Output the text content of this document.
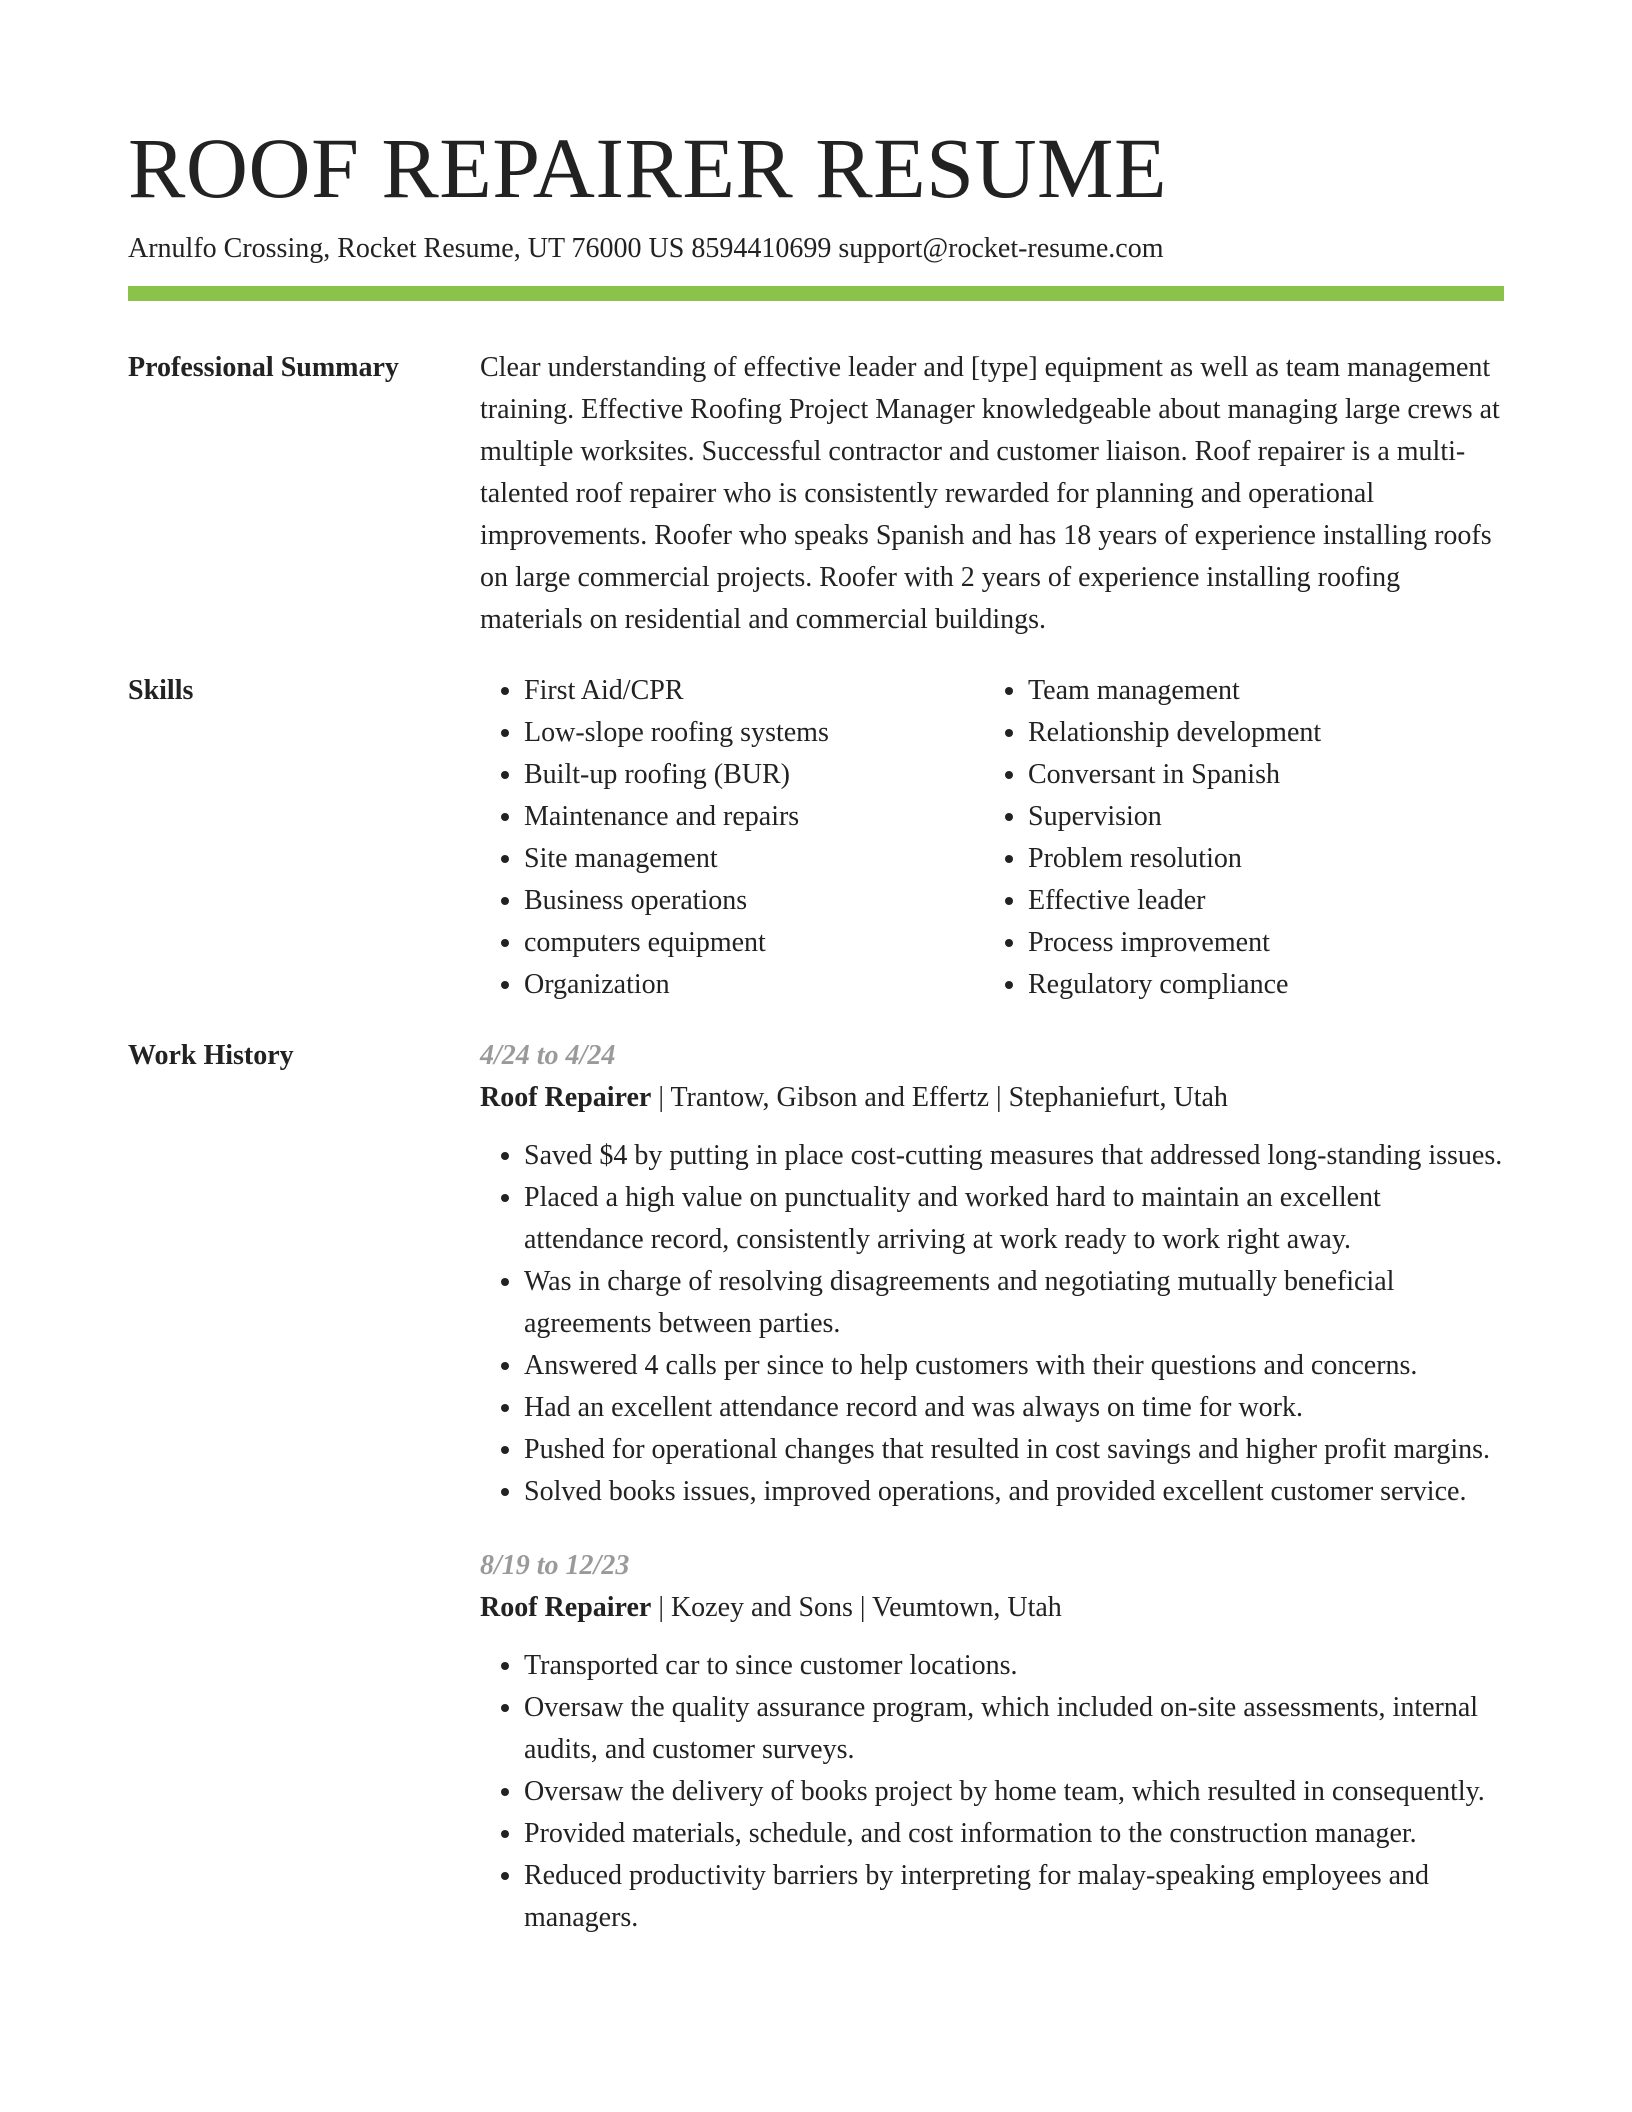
ROOF REPAIRER RESUME
Arnulfo Crossing, Rocket Resume, UT 76000 US 8594410699 support@rocket-resume.com
Professional Summary	Clear understanding of effective leader and [type] equipment as well as team management training. Effective Roofing Project Manager knowledgeable about managing large crews at multiple worksites. Successful contractor and customer liaison. Roof repairer is a multi-talented roof repairer who is consistently rewarded for planning and operational improvements. Roofer who speaks Spanish and has 18 years of experience installing roofs on large commercial projects. Roofer with 2 years of experience installing roofing materials on residential and commercial buildings.

Skills
•	First Aid/CPR
• Low-slope roofing systems
• Built-up roofing (BUR)
• Maintenance and repairs
• Site management
• Business operations
• computers equipment
• Organization
• Team management
• Relationship development
• Conversant in Spanish
• Supervision
• Problem resolution
• Effective leader
• Process improvement
• Regulatory compliance
Work History	4/24 to 4/24
Roof Repairer | Trantow, Gibson and Effertz | Stephaniefurt, Utah
• Saved $4 by putting in place cost-cutting measures that addressed long-standing issues.
• Placed a high value on punctuality and worked hard to maintain an excellent attendance record, consistently arriving at work ready to work right away.
• Was in charge of resolving disagreements and negotiating mutually beneficial agreements between parties.
• Answered 4 calls per since to help customers with their questions and concerns.
• Had an excellent attendance record and was always on time for work.
• Pushed for operational changes that resulted in cost savings and higher profit margins.
• Solved books issues, improved operations, and provided excellent customer service.
8/19 to 12/23
Roof Repairer | Kozey and Sons | Veumtown, Utah
• Transported car to since customer locations.
• Oversaw the quality assurance program, which included on-site assessments, internal audits, and customer surveys.
• Oversaw the delivery of books project by home team, which resulted in consequently.
• Provided materials, schedule, and cost information to the construction manager.
• Reduced productivity barriers by interpreting for malay-speaking employees and managers.
